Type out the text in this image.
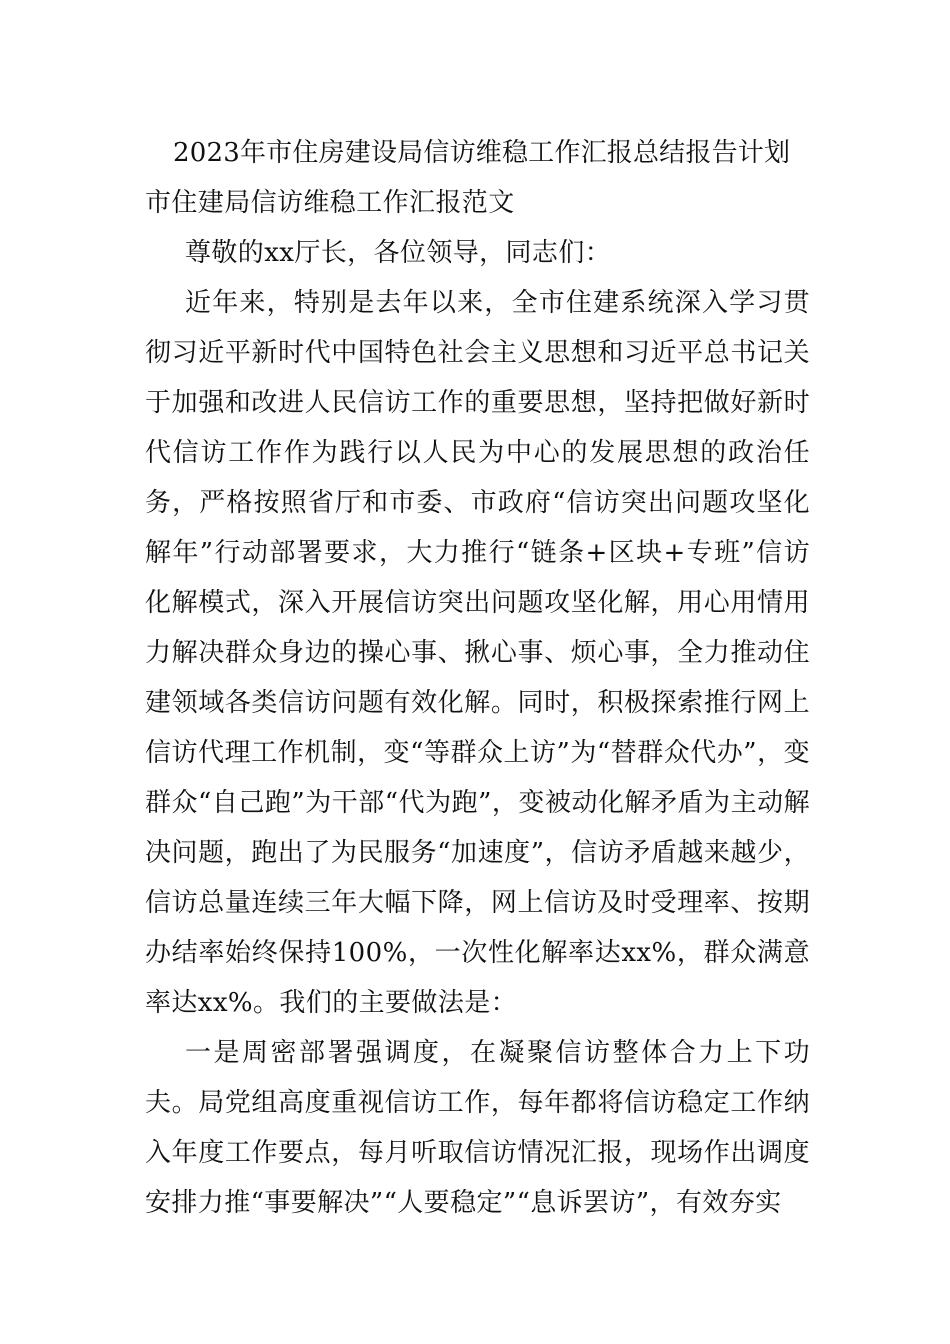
2023年市住房建设局信访维稳工作汇报总结报告计划

市住建局信访维稳工作汇报范文

尊敬的xx厅长，各位领导，同志们：

近年来，特别是去年以来，全市住建系统深入学习贯彻习近平新时代中国特色社会主义思想和习近平总书记关于加强和改进人民信访工作的重要思想，坚持把做好新时代信访工作作为践行以人民为中心的发展思想的政治任务，严格按照省厅和市委、市政府“信访突出问题攻坚化解年”行动部署要求，大力推行“链条+区块+专班”信访化解模式，深入开展信访突出问题攻坚化解，用心用情用力解决群众身边的操心事、揪心事、烦心事，全力推动住建领域各类信访问题有效化解。同时，积极探索推行网上信访代理工作机制，变“等群众上访”为“替群众代办”，变群众“自己跑”为干部“代为跑”，变被动化解矛盾为主动解决问题，跑出了为民服务“加速度”，信访矛盾越来越少，信访总量连续三年大幅下降，网上信访及时受理率、按期办结率始终保持100%，一次性化解率达xx%，群众满意率达xx%。我们的主要做法是：

一是周密部署强调度，在凝聚信访整体合力上下功夫。局党组高度重视信访工作，每年都将信访稳定工作纳入年度工作要点，每月听取信访情况汇报，现场作出调度安排力推“事要解决”“人要稳定”“息诉罢访”，有效夯实
